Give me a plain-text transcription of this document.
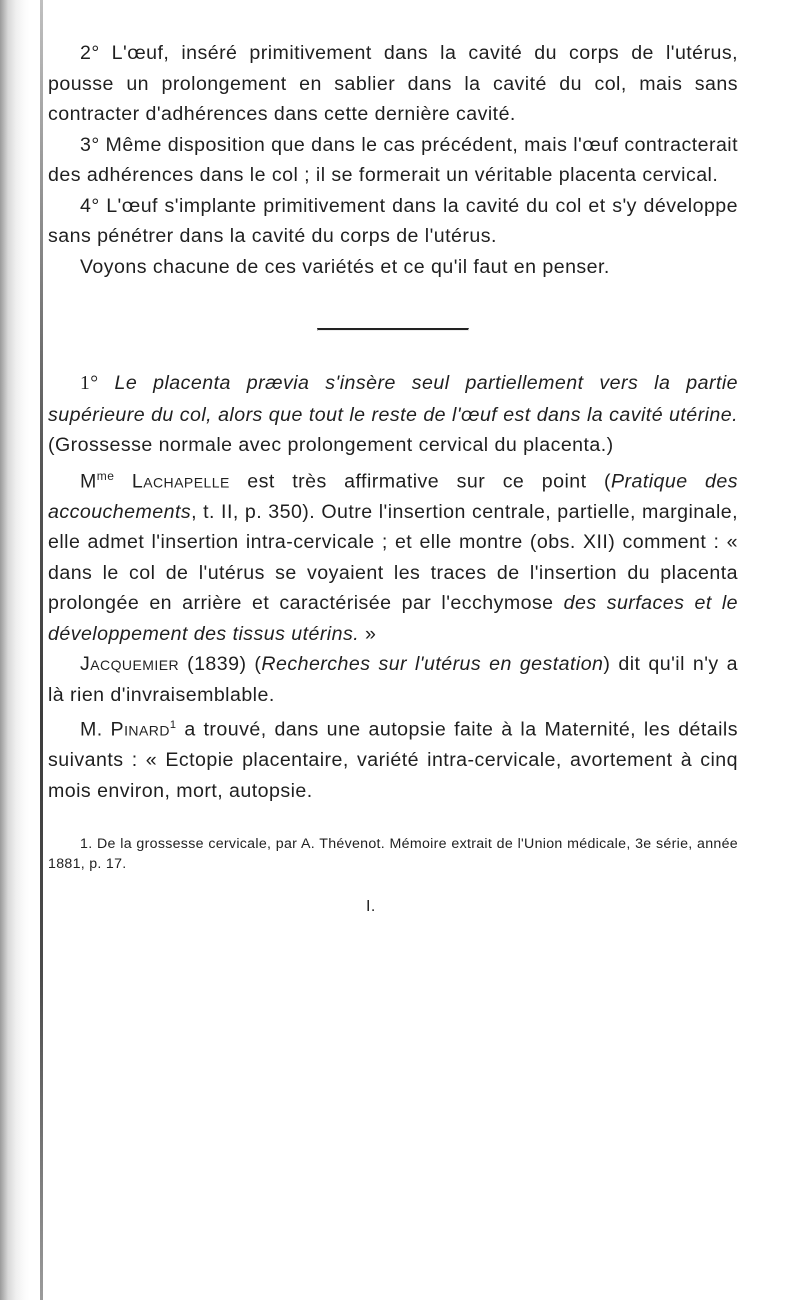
2° L'œuf, inséré primitivement dans la cavité du corps de l'utérus, pousse un prolongement en sablier dans la cavité du col, mais sans contracter d'adhérences dans cette dernière cavité.

3° Même disposition que dans le cas précédent, mais l'œuf contracterait des adhérences dans le col ; il se formerait un véritable placenta cervical.

4° L'œuf s'implante primitivement dans la cavité du col et s'y développe sans pénétrer dans la cavité du corps de l'utérus.

Voyons chacune de ces variétés et ce qu'il faut en penser.

1° Le placenta prævia s'insère seul partiellement vers la partie supérieure du col, alors que tout le reste de l'œuf est dans la cavité utérine. (Grossesse normale avec prolongement cervical du placenta.)

$M^{me}$ Lachapelle est très affirmative sur ce point (Pratique des accouchements, t. II, p. 350). Outre l'insertion centrale, partielle, marginale, elle admet l'insertion intra-cervicale ; et elle montre (obs. XII) comment : « dans le col de l'utérus se voyaient les traces de l'insertion du placenta prolongée en arrière et caractérisée par l'ecchymose des surfaces et le développement des tissus utérins. »

Jacquemier (1839) (Recherches sur l'utérus en gestation) dit qu'il n'y a là rien d'invraisemblable.

M. Pinard$^1$ a trouvé, dans une autopsie faite à la Maternité, les détails suivants : « Ectopie placentaire, variété intra-cervicale, avortement à cinq mois environ, mort, autopsie.

1. De la grossesse cervicale, par A. Thévenot. Mémoire extrait de l'Union médicale, 3e série, année 1881, p. 17.

I.
